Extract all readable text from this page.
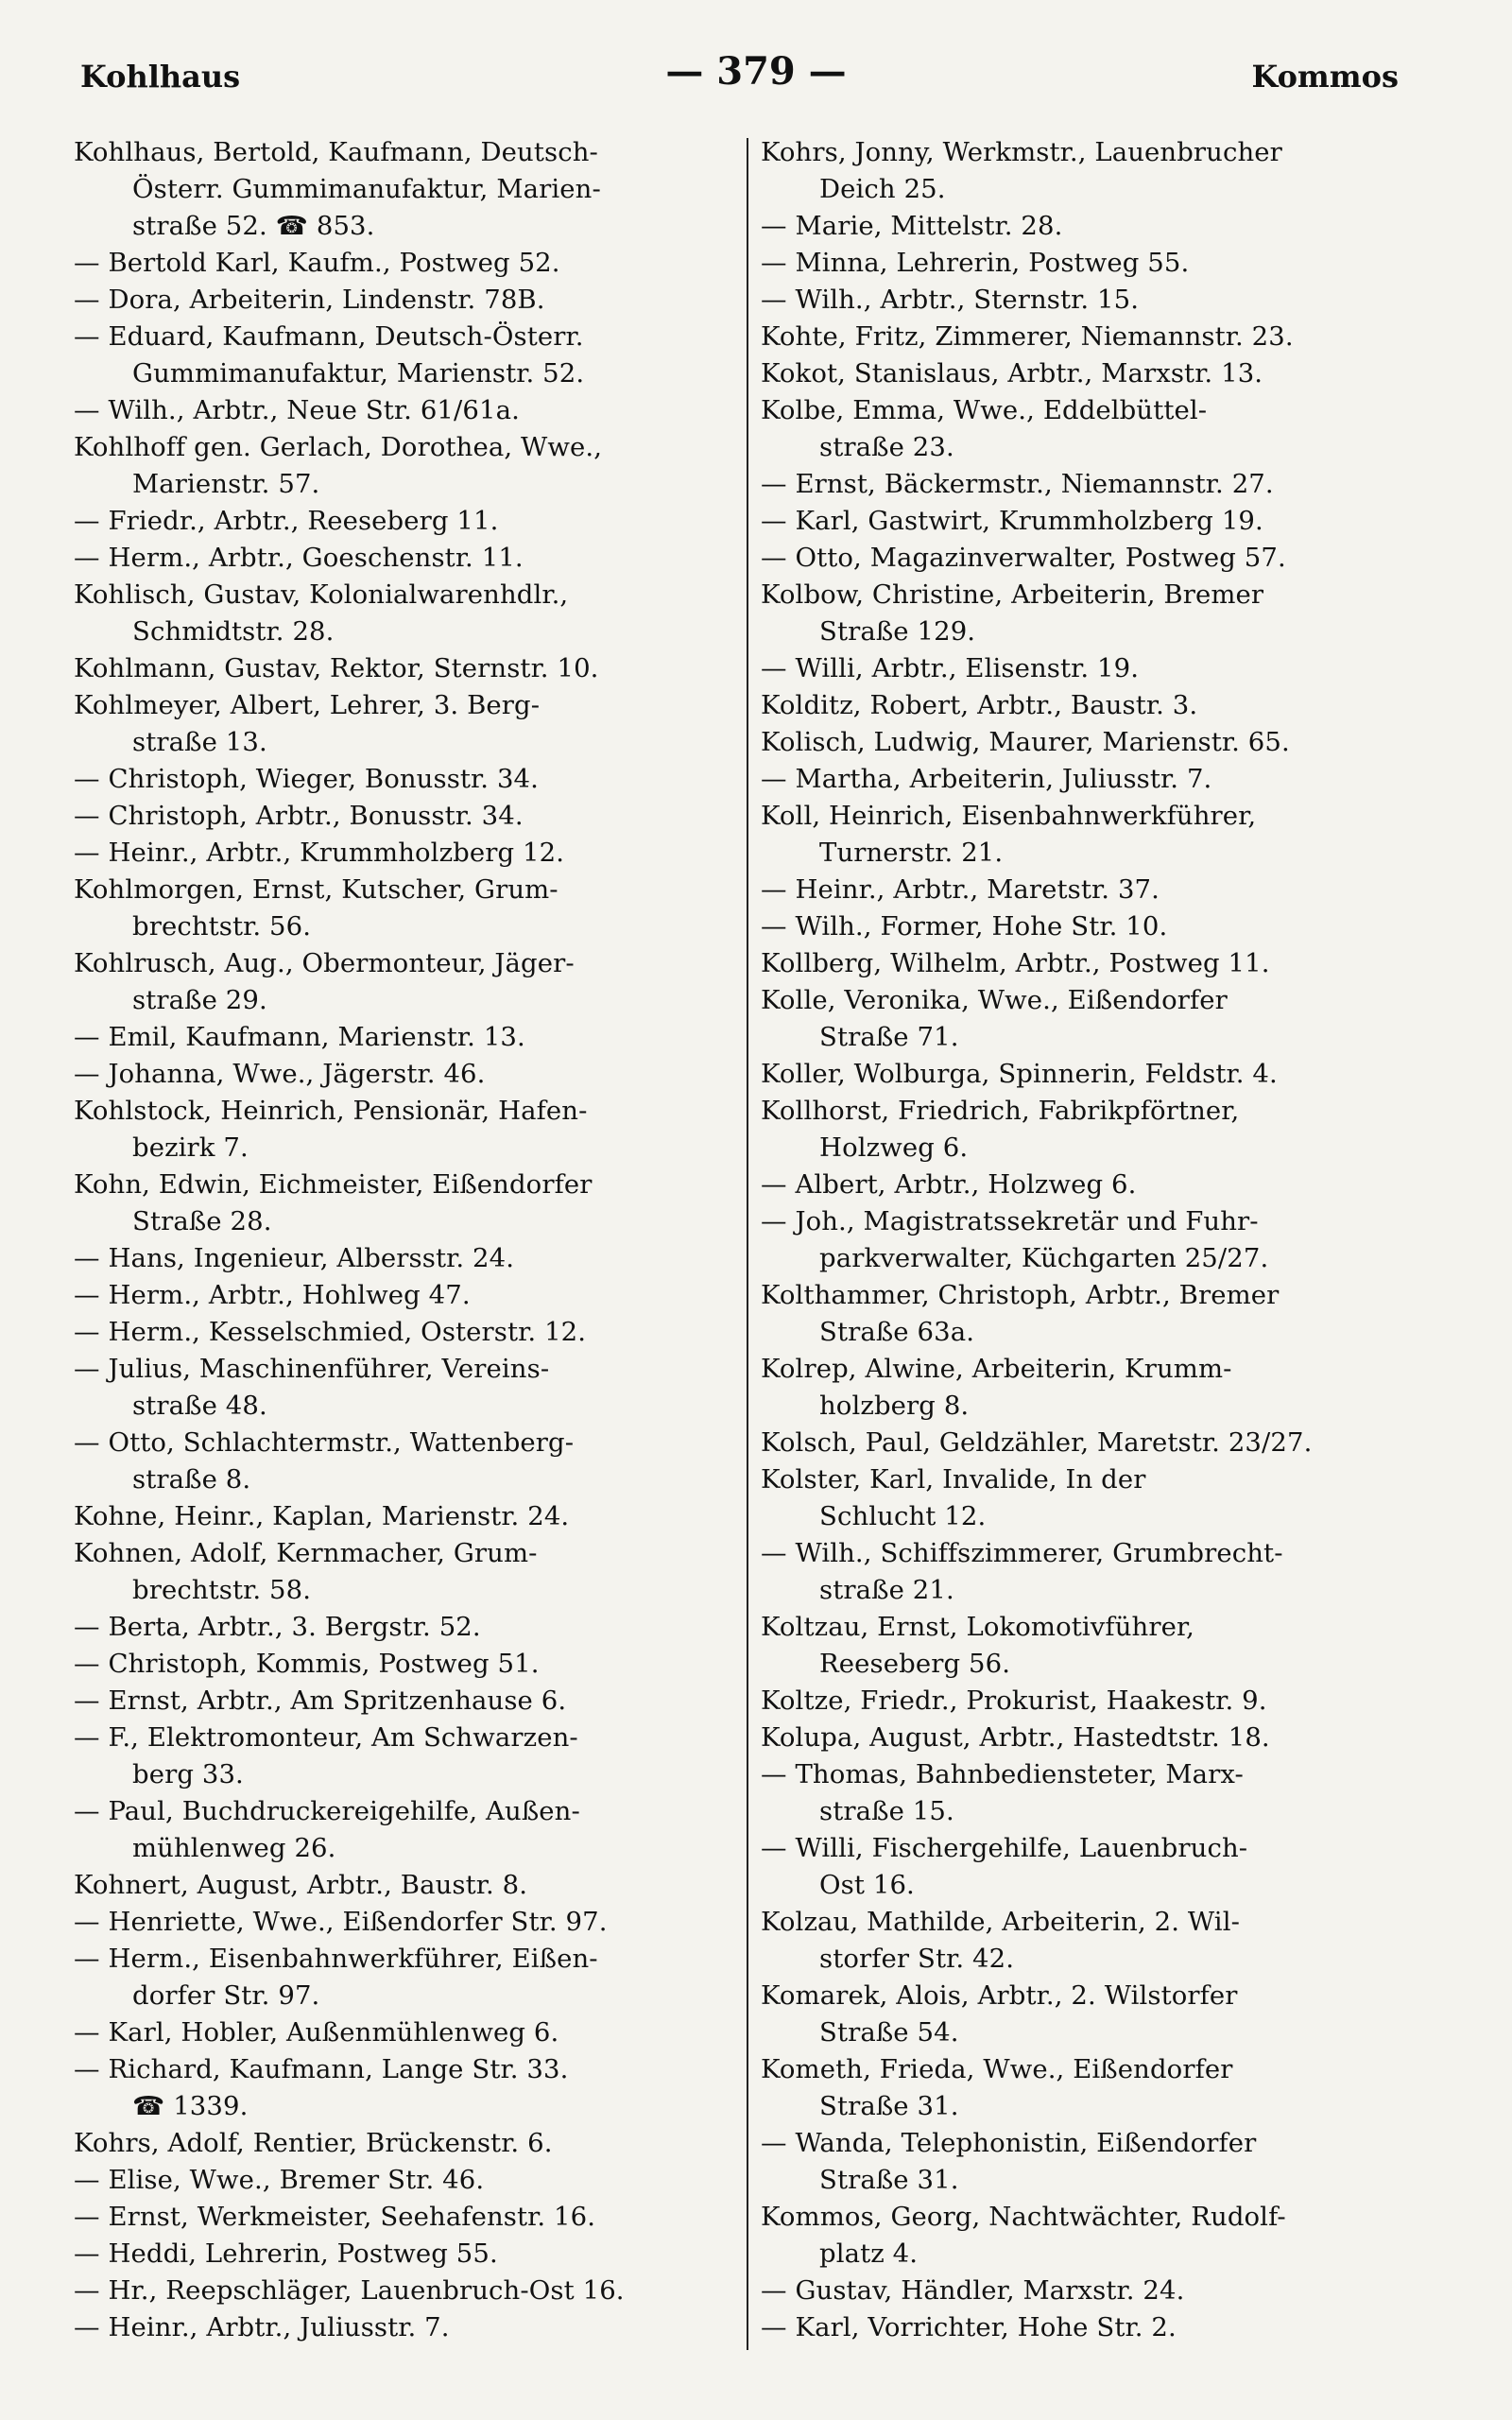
Kohlhaus	— 379 —	Kommos
Kohlhaus, Bertold, Kaufmann, Deutsch-
Österr. Gummimanufaktur, Marien-
straße 52. ☎ 853.
— Bertold Karl, Kaufm., Postweg 52.
— Dora, Arbeiterin, Lindenstr. 78B.
— Eduard, Kaufmann, Deutsch-Österr.
Gummimanufaktur, Marienstr. 52.
— Wilh., Arbtr., Neue Str. 61/61a.
Kohlhoff gen. Gerlach, Dorothea, Wwe.,
Marienstr. 57.
— Friedr., Arbtr., Reeseberg 11.
— Herm., Arbtr., Goeschenstr. 11.
Kohlisch, Gustav, Kolonialwarenhdlr.,
Schmidtstr. 28.
Kohlmann, Gustav, Rektor, Sternstr. 10.
Kohlmeyer, Albert, Lehrer, 3. Berg-
straße 13.
— Christoph, Wieger, Bonusstr. 34.
— Christoph, Arbtr., Bonusstr. 34.
— Heinr., Arbtr., Krummholzberg 12.
Kohlmorgen, Ernst, Kutscher, Grum-
brechtstr. 56.
Kohlrusch, Aug., Obermonteur, Jäger-
straße 29.
— Emil, Kaufmann, Marienstr. 13.
— Johanna, Wwe., Jägerstr. 46.
Kohlstock, Heinrich, Pensionär, Hafen-
bezirk 7.
Kohn, Edwin, Eichmeister, Eißendorfer
Straße 28.
— Hans, Ingenieur, Albersstr. 24.
— Herm., Arbtr., Hohlweg 47.
— Herm., Kesselschmied, Osterstr. 12.
— Julius, Maschinenführer, Vereins-
straße 48.
— Otto, Schlachtermstr., Wattenberg-
straße 8.
Kohne, Heinr., Kaplan, Marienstr. 24.
Kohnen, Adolf, Kernmacher, Grum-
brechtstr. 58.
— Berta, Arbtr., 3. Bergstr. 52.
— Christoph, Kommis, Postweg 51.
— Ernst, Arbtr., Am Spritzenhause 6.
— F., Elektromonteur, Am Schwarzen-
berg 33.
— Paul, Buchdruckereigehilfe, Außen-
mühlenweg 26.
Kohnert, August, Arbtr., Baustr. 8.
— Henriette, Wwe., Eißendorfer Str. 97.
— Herm., Eisenbahnwerkführer, Eißen-
dorfer Str. 97.
— Karl, Hobler, Außenmühlenweg 6.
— Richard, Kaufmann, Lange Str. 33.
☎ 1339.
Kohrs, Adolf, Rentier, Brückenstr. 6.
— Elise, Wwe., Bremer Str. 46.
— Ernst, Werkmeister, Seehafenstr. 16.
— Heddi, Lehrerin, Postweg 55.
— Hr., Reepschläger, Lauenbruch-Ost 16.
— Heinr., Arbtr., Juliusstr. 7.
Kohrs, Jonny, Werkmstr., Lauenbrucher
Deich 25.
— Marie, Mittelstr. 28.
— Minna, Lehrerin, Postweg 55.
— Wilh., Arbtr., Sternstr. 15.
Kohte, Fritz, Zimmerer, Niemannstr. 23.
Kokot, Stanislaus, Arbtr., Marxstr. 13.
Kolbe, Emma, Wwe., Eddelbüttel-
straße 23.
— Ernst, Bäckermstr., Niemannstr. 27.
— Karl, Gastwirt, Krummholzberg 19.
— Otto, Magazinverwalter, Postweg 57.
Kolbow, Christine, Arbeiterin, Bremer
Straße 129.
— Willi, Arbtr., Elisenstr. 19.
Kolditz, Robert, Arbtr., Baustr. 3.
Kolisch, Ludwig, Maurer, Marienstr. 65.
— Martha, Arbeiterin, Juliusstr. 7.
Koll, Heinrich, Eisenbahnwerkführer,
Turnerstr. 21.
— Heinr., Arbtr., Maretstr. 37.
— Wilh., Former, Hohe Str. 10.
Kollberg, Wilhelm, Arbtr., Postweg 11.
Kolle, Veronika, Wwe., Eißendorfer
Straße 71.
Koller, Wolburga, Spinnerin, Feldstr. 4.
Kollhorst, Friedrich, Fabrikpförtner,
Holzweg 6.
— Albert, Arbtr., Holzweg 6.
— Joh., Magistratssekretär und Fuhr-
parkverwalter, Küchgarten 25/27.
Kolthammer, Christoph, Arbtr., Bremer
Straße 63a.
Kolrep, Alwine, Arbeiterin, Krumm-
holzberg 8.
Kolsch, Paul, Geldzähler, Maretstr. 23/27.
Kolster, Karl, Invalide, In der
Schlucht 12.
— Wilh., Schiffszimmerer, Grumbrecht-
straße 21.
Koltzau, Ernst, Lokomotivführer,
Reeseberg 56.
Koltze, Friedr., Prokurist, Haakestr. 9.
Kolupa, August, Arbtr., Hastedtstr. 18.
— Thomas, Bahnbediensteter, Marx-
straße 15.
— Willi, Fischergehilfe, Lauenbruch-
Ost 16.
Kolzau, Mathilde, Arbeiterin, 2. Wil-
storfer Str. 42.
Komarek, Alois, Arbtr., 2. Wilstorfer
Straße 54.
Kometh, Frieda, Wwe., Eißendorfer
Straße 31.
— Wanda, Telephonistin, Eißendorfer
Straße 31.
Kommos, Georg, Nachtwächter, Rudolf-
platz 4.
— Gustav, Händler, Marxstr. 24.
— Karl, Vorrichter, Hohe Str. 2.
